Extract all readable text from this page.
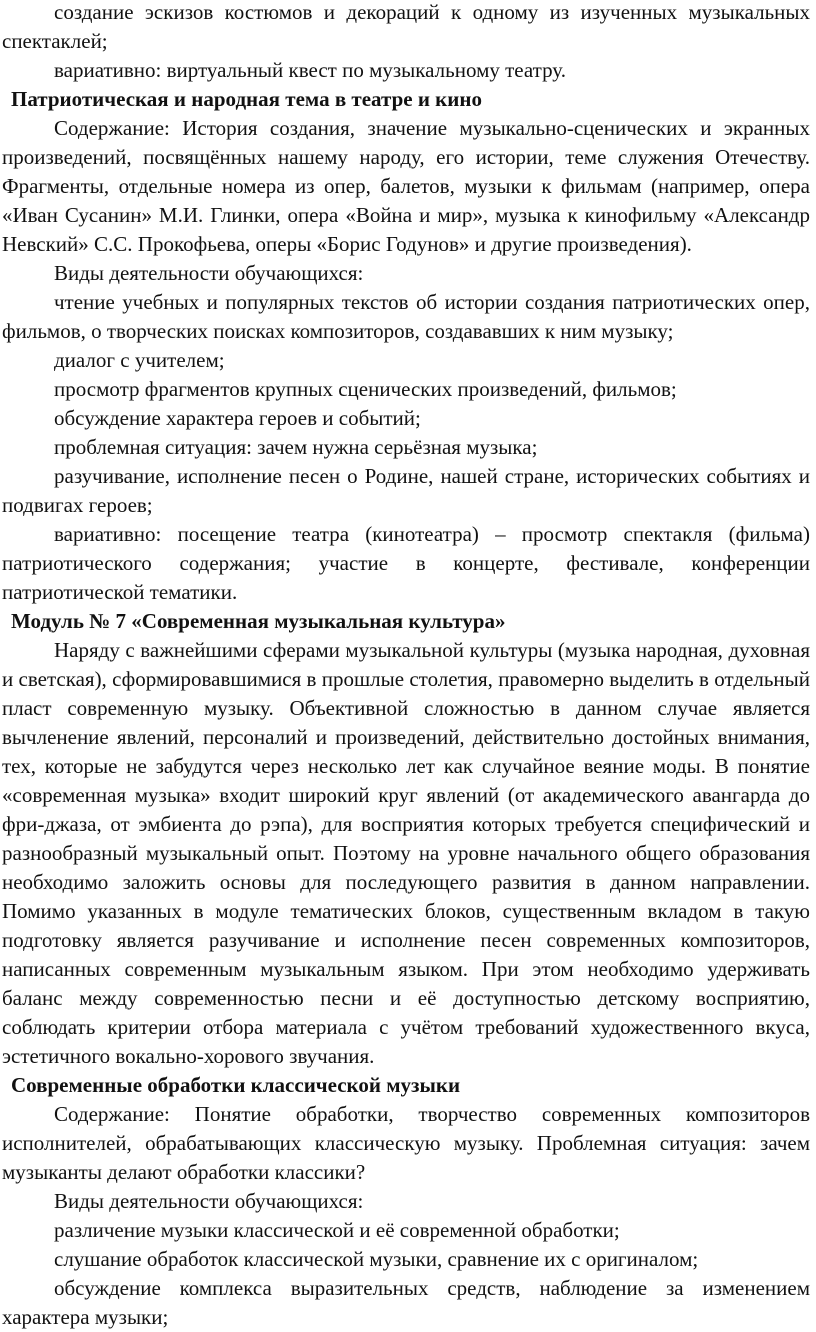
создание эскизов костюмов и декораций к одному из изученных музыкальных спектаклей;

вариативно: виртуальный квест по музыкальному театру.

Патриотическая и народная тема в театре и кино

Содержание: История создания, значение музыкально-сценических и экранных произведений, посвящённых нашему народу, его истории, теме служения Отечеству. Фрагменты, отдельные номера из опер, балетов, музыки к фильмам (например, опера «Иван Сусанин» М.И. Глинки, опера «Война и мир», музыка к кинофильму «Александр Невский» С.С. Прокофьева, оперы «Борис Годунов» и другие произведения).

Виды деятельности обучающихся:

чтение учебных и популярных текстов об истории создания патриотических опер, фильмов, о творческих поисках композиторов, создававших к ним музыку;

диалог с учителем;

просмотр фрагментов крупных сценических произведений, фильмов;

обсуждение характера героев и событий;

проблемная ситуация: зачем нужна серьёзная музыка;

разучивание, исполнение песен о Родине, нашей стране, исторических событиях и подвигах героев;

вариативно: посещение театра (кинотеатра) – просмотр спектакля (фильма) патриотического содержания; участие в концерте, фестивале, конференции патриотической тематики.

Модуль № 7 «Современная музыкальная культура»

Наряду с важнейшими сферами музыкальной культуры (музыка народная, духовная и светская), сформировавшимися в прошлые столетия, правомерно выделить в отдельный пласт современную музыку. Объективной сложностью в данном случае является вычленение явлений, персоналий и произведений, действительно достойных внимания, тех, которые не забудутся через несколько лет как случайное веяние моды. В понятие «современная музыка» входит широкий круг явлений (от академического авангарда до фри-джаза, от эмбиента до рэпа), для восприятия которых требуется специфический и разнообразный музыкальный опыт. Поэтому на уровне начального общего образования необходимо заложить основы для последующего развития в данном направлении. Помимо указанных в модуле тематических блоков, существенным вкладом в такую подготовку является разучивание и исполнение песен современных композиторов, написанных современным музыкальным языком. При этом необходимо удерживать баланс между современностью песни и её доступностью детскому восприятию, соблюдать критерии отбора материала с учётом требований художественного вкуса, эстетичного вокально-хорового звучания.

Современные обработки классической музыки

Содержание: Понятие обработки, творчество современных композиторов исполнителей, обрабатывающих классическую музыку. Проблемная ситуация: зачем музыканты делают обработки классики?

Виды деятельности обучающихся:

различение музыки классической и её современной обработки;

слушание обработок классической музыки, сравнение их с оригиналом;

обсуждение комплекса выразительных средств, наблюдение за изменением характера музыки;
